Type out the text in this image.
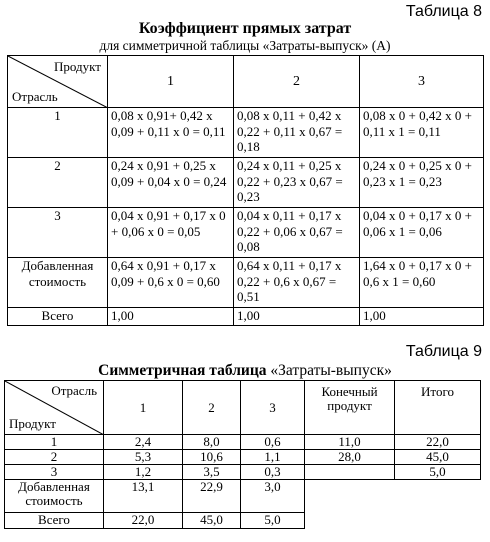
Таблица 8
Коэффициент прямых затрат
для симметричной таблицы «Затраты-выпуск» (А)
Продукт
Отрасль	1	2	3
1	0,08 х 0,91+ 0,42 х 0,09 + 0,11 х 0 = 0,11	0,08 х 0,11 + 0,42 х 0,22 + 0,11 х 0,67 = 0,18	0,08 х 0 + 0,42 х 0 + 0,11 х 1 = 0,11
2	0,24 х 0,91 + 0,25 х 0,09 + 0,04 х 0 = 0,24	0,24 х 0,11 + 0,25 х 0,22 + 0,23 х 0,67 = 0,23	0,24 х 0 + 0,25 х 0 + 0,23 х 1 = 0,23
3	0,04 х 0,91 + 0,17 х 0 + 0,06 х 0 = 0,05	0,04 х 0,11 + 0,17 х 0,22 + 0,06 х 0,67 = 0,08	0,04 х 0 + 0,17 х 0 + 0,06 х 1 = 0,06
Добавленная стоимость	0,64 х 0,91 + 0,17 х 0,09 + 0,6 х 0 = 0,60	0,64 х 0,11 + 0,17 х 0,22 + 0,6 х 0,67 = 0,51	1,64 х 0 + 0,17 х 0 + 0,6 х 1 = 0,60
Всего	1,00	1,00	1,00
Таблица 9
Симметричная таблица «Затраты-выпуск»
Отрасль
Продукт	1	2	3	Конечный продукт	Итого
1	2,4	8,0	0,6	11,0	22,0
2	5,3	10,6	1,1	28,0	45,0
3	1,2	3,5	0,3		5,0
Добавленная стоимость	13,1	22,9	3,0		
Всего	22,0	45,0	5,0		
